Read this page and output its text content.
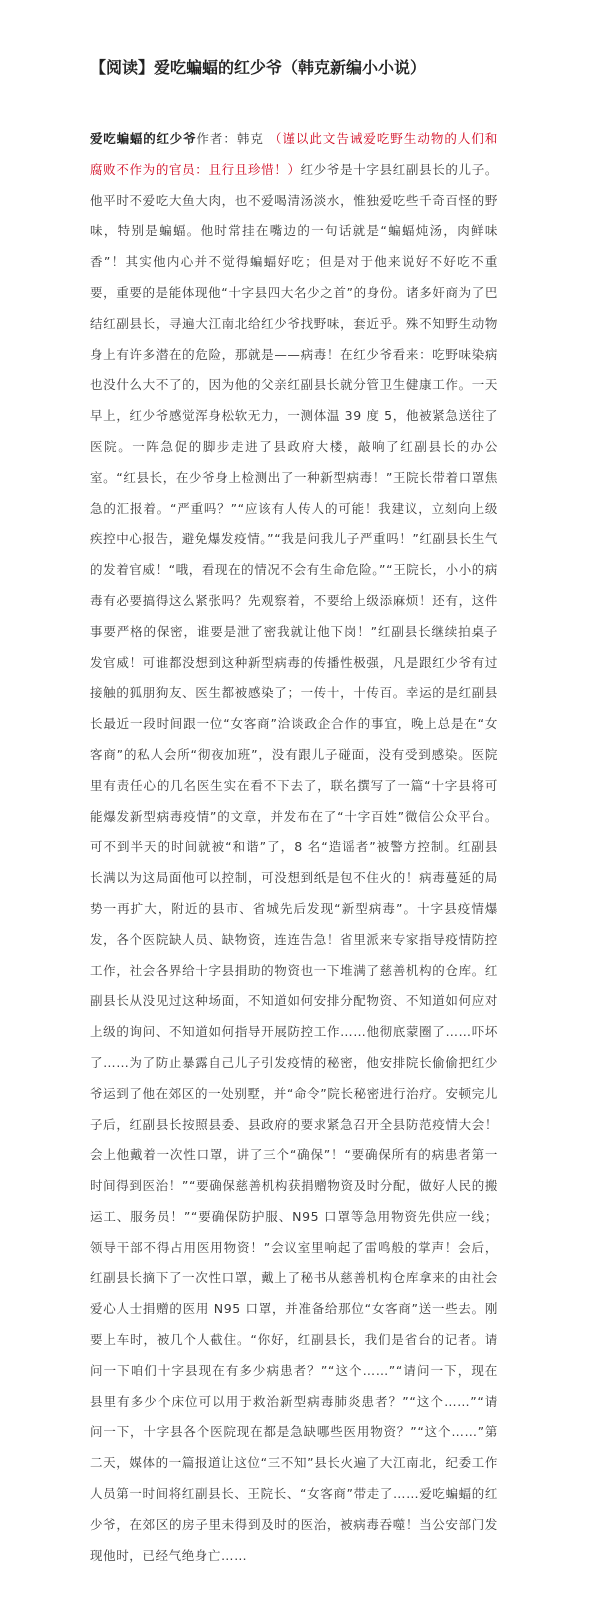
【阅读】爱吃蝙蝠的红少爷（韩克新编小小说）

爱吃蝙蝠的红少爷作者：韩克 （谨以此文告诫爱吃野生动物的人们和腐败不作为的官员：且行且珍惜！）红少爷是十字县红副县长的儿子。他平时不爱吃大鱼大肉，也不爱喝清汤淡水，惟独爱吃些千奇百怪的野味，特别是蝙蝠。他时常挂在嘴边的一句话就是“蝙蝠炖汤，肉鲜味香”！其实他内心并不觉得蝙蝠好吃；但是对于他来说好不好吃不重要，重要的是能体现他“十字县四大名少之首”的身份。诸多奸商为了巴结红副县长，寻遍大江南北给红少爷找野味，套近乎。殊不知野生动物身上有许多潜在的危险，那就是——病毒！在红少爷看来：吃野味染病也没什么大不了的，因为他的父亲红副县长就分管卫生健康工作。一天早上，红少爷感觉浑身松软无力，一测体温 39 度 5，他被紧急送往了医院。一阵急促的脚步走进了县政府大楼，敲响了红副县长的办公室。“红县长，在少爷身上检测出了一种新型病毒！”王院长带着口罩焦急的汇报着。“严重吗？”“应该有人传人的可能！我建议，立刻向上级疾控中心报告，避免爆发疫情。”“我是问我儿子严重吗！”红副县长生气的发着官威！“哦，看现在的情况不会有生命危险。”“王院长，小小的病毒有必要搞得这么紧张吗？先观察着，不要给上级添麻烦！还有，这件事要严格的保密，谁要是泄了密我就让他下岗！”红副县长继续拍桌子发官威！可谁都没想到这种新型病毒的传播性极强，凡是跟红少爷有过接触的狐朋狗友、医生都被感染了；一传十，十传百。幸运的是红副县长最近一段时间跟一位“女客商”洽谈政企合作的事宜，晚上总是在“女客商”的私人会所“彻夜加班”，没有跟儿子碰面，没有受到感染。医院里有责任心的几名医生实在看不下去了，联名撰写了一篇“十字县将可能爆发新型病毒疫情”的文章，并发布在了“十字百姓”微信公众平台。可不到半天的时间就被“和谐”了，8 名“造谣者”被警方控制。红副县长满以为这局面他可以控制，可没想到纸是包不住火的！病毒蔓延的局势一再扩大，附近的县市、省城先后发现“新型病毒”。十字县疫情爆发，各个医院缺人员、缺物资，连连告急！省里派来专家指导疫情防控工作，社会各界给十字县捐助的物资也一下堆满了慈善机构的仓库。红副县长从没见过这种场面，不知道如何安排分配物资、不知道如何应对上级的询问、不知道如何指导开展防控工作……他彻底蒙圈了……吓坏了……为了防止暴露自己儿子引发疫情的秘密，他安排院长偷偷把红少爷运到了他在郊区的一处别墅，并“命令”院长秘密进行治疗。安顿完儿子后，红副县长按照县委、县政府的要求紧急召开全县防范疫情大会！会上他戴着一次性口罩，讲了三个“确保”！“要确保所有的病患者第一时间得到医治！”“要确保慈善机构获捐赠物资及时分配，做好人民的搬运工、服务员！”“要确保防护服、N95 口罩等急用物资先供应一线；领导干部不得占用医用物资！”会议室里响起了雷鸣般的掌声！会后，红副县长摘下了一次性口罩，戴上了秘书从慈善机构仓库拿来的由社会爱心人士捐赠的医用 N95 口罩，并准备给那位“女客商”送一些去。刚要上车时，被几个人截住。“你好，红副县长，我们是省台的记者。请问一下咱们十字县现在有多少病患者？”“这个……”“请问一下，现在县里有多少个床位可以用于救治新型病毒肺炎患者？”“这个……”“请问一下，十字县各个医院现在都是急缺哪些医用物资？”“这个……”第二天，媒体的一篇报道让这位“三不知”县长火遍了大江南北，纪委工作人员第一时间将红副县长、王院长、“女客商”带走了……爱吃蝙蝠的红少爷，在郊区的房子里未得到及时的医治，被病毒吞噬！当公安部门发现他时，已经气绝身亡……
